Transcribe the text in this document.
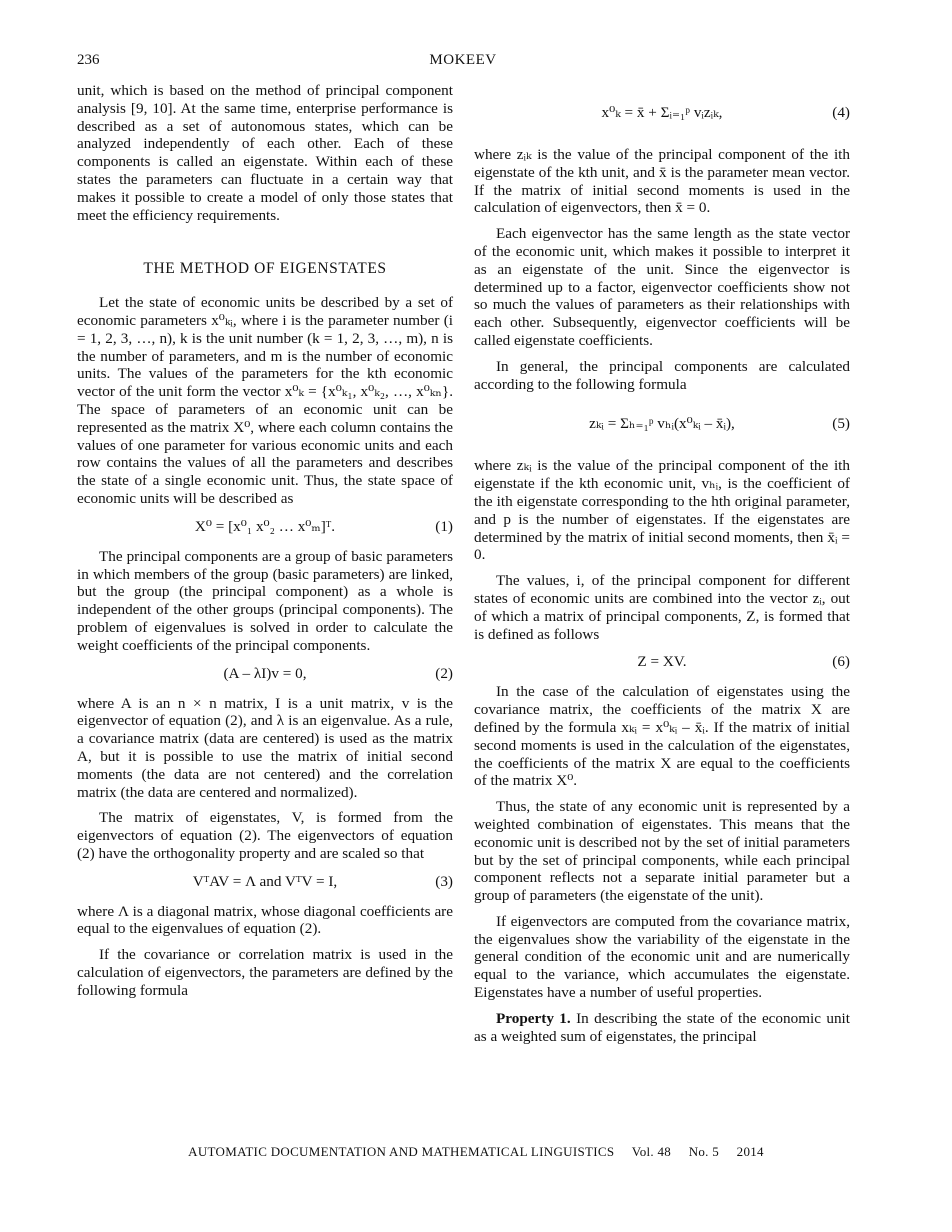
236	MOKEEV

unit, which is based on the method of principal component analysis [9, 10]. At the same time, enterprise performance is described as a set of autonomous states, which can be analyzed independently of each other. Each of these components is called an eigenstate. Within each of these states the parameters can fluctuate in a certain way that makes it possible to create a model of only those states that meet the efficiency requirements.

THE METHOD OF EIGENSTATES

Let the state of economic units be described by a set of economic parameters x⁰ₖᵢ, where i is the parameter number (i = 1, 2, 3, …, n), k is the unit number (k = 1, 2, 3, …, m), n is the number of parameters, and m is the number of economic units. The values of the parameters for the kth economic vector of the unit form the vector x⁰ₖ = {x⁰ₖ₁, x⁰ₖ₂, …, x⁰ₖₙ}. The space of parameters of an economic unit can be represented as the matrix X⁰, where each column contains the values of one parameter for various economic units and each row contains the values of all the parameters and describes the state of a single economic unit. Thus, the state space of economic units will be described as

X⁰ = [x⁰₁ x⁰₂ … x⁰ₘ]ᵀ.	(1)

The principal components are a group of basic parameters in which members of the group (basic parameters) are linked, but the group (the principal component) as a whole is independent of the other groups (principal components). The problem of eigenvalues is solved in order to calculate the weight coefficients of the principal components.

(A – λI)v = 0,	(2)

where A is an n × n matrix, I is a unit matrix, v is the eigenvector of equation (2), and λ is an eigenvalue. As a rule, a covariance matrix (data are centered) is used as the matrix A, but it is possible to use the matrix of initial second moments (the data are not centered) and the correlation matrix (the data are centered and normalized).

The matrix of eigenstates, V, is formed from the eigenvectors of equation (2). The eigenvectors of equation (2) have the orthogonality property and are scaled so that

VᵀAV = Λ and VᵀV = I,	(3)

where Λ is a diagonal matrix, whose diagonal coefficients are equal to the eigenvalues of equation (2).

If the covariance or correlation matrix is used in the calculation of eigenvectors, the parameters are defined by the following formula

x⁰ₖ = x̄ + Σᵢ₌₁ᵖ vᵢzᵢₖ,	(4)

where zᵢₖ is the value of the principal component of the ith eigenstate of the kth unit, and x̄ is the parameter mean vector. If the matrix of initial second moments is used in the calculation of eigenvectors, then x̄ = 0.

Each eigenvector has the same length as the state vector of the economic unit, which makes it possible to interpret it as an eigenstate of the unit. Since the eigenvector is determined up to a factor, eigenvector coefficients show not so much the values of parameters as their relationships with each other. Subsequently, eigenvector coefficients will be called eigenstate coefficients.

In general, the principal components are calculated according to the following formula

zₖᵢ = Σₕ₌₁ᵖ vₕᵢ(x⁰ₖᵢ – x̄ᵢ),	(5)

where zₖᵢ is the value of the principal component of the ith eigenstate if the kth economic unit, vₕᵢ, is the coefficient of the ith eigenstate corresponding to the hth original parameter, and p is the number of eigenstates. If the eigenstates are determined by the matrix of initial second moments, then x̄ᵢ = 0.

The values, i, of the principal component for different states of economic units are combined into the vector zᵢ, out of which a matrix of principal components, Z, is formed that is defined as follows

Z = XV.	(6)

In the case of the calculation of eigenstates using the covariance matrix, the coefficients of the matrix X are defined by the formula xₖᵢ = x⁰ₖᵢ – x̄ᵢ. If the matrix of initial second moments is used in the calculation of the eigenstates, the coefficients of the matrix X are equal to the coefficients of the matrix X⁰.

Thus, the state of any economic unit is represented by a weighted combination of eigenstates. This means that the economic unit is described not by the set of initial parameters but by the set of principal components, while each principal component reflects not a separate initial parameter but a group of parameters (the eigenstate of the unit).

If eigenvectors are computed from the covariance matrix, the eigenvalues show the variability of the eigenstate in the general condition of the economic unit and are numerically equal to the variance, which accumulates the eigenstate. Eigenstates have a number of useful properties.

Property 1. In describing the state of the economic unit as a weighted sum of eigenstates, the principal

AUTOMATIC DOCUMENTATION AND MATHEMATICAL LINGUISTICS Vol. 48 No. 5 2014
